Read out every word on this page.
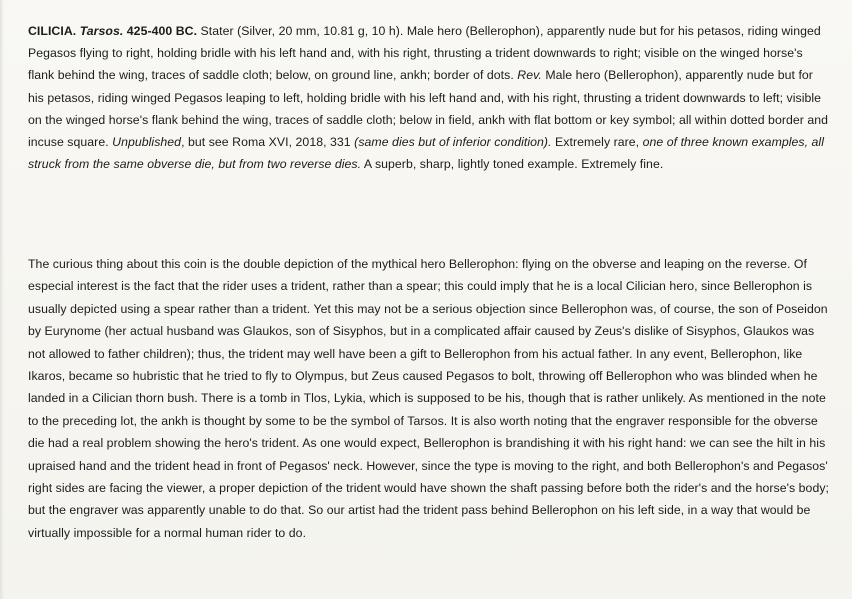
CILICIA. Tarsos. 425-400 BC. Stater (Silver, 20 mm, 10.81 g, 10 h). Male hero (Bellerophon), apparently nude but for his petasos, riding winged Pegasos flying to right, holding bridle with his left hand and, with his right, thrusting a trident downwards to right; visible on the winged horse's flank behind the wing, traces of saddle cloth; below, on ground line, ankh; border of dots. Rev. Male hero (Bellerophon), apparently nude but for his petasos, riding winged Pegasos leaping to left, holding bridle with his left hand and, with his right, thrusting a trident downwards to left; visible on the winged horse's flank behind the wing, traces of saddle cloth; below in field, ankh with flat bottom or key symbol; all within dotted border and incuse square. Unpublished, but see Roma XVI, 2018, 331 (same dies but of inferior condition). Extremely rare, one of three known examples, all struck from the same obverse die, but from two reverse dies. A superb, sharp, lightly toned example. Extremely fine.

The curious thing about this coin is the double depiction of the mythical hero Bellerophon: flying on the obverse and leaping on the reverse. Of especial interest is the fact that the rider uses a trident, rather than a spear; this could imply that he is a local Cilician hero, since Bellerophon is usually depicted using a spear rather than a trident. Yet this may not be a serious objection since Bellerophon was, of course, the son of Poseidon by Eurynome (her actual husband was Glaukos, son of Sisyphos, but in a complicated affair caused by Zeus's dislike of Sisyphos, Glaukos was not allowed to father children); thus, the trident may well have been a gift to Bellerophon from his actual father. In any event, Bellerophon, like Ikaros, became so hubristic that he tried to fly to Olympus, but Zeus caused Pegasos to bolt, throwing off Bellerophon who was blinded when he landed in a Cilician thorn bush. There is a tomb in Tlos, Lykia, which is supposed to be his, though that is rather unlikely. As mentioned in the note to the preceding lot, the ankh is thought by some to be the symbol of Tarsos. It is also worth noting that the engraver responsible for the obverse die had a real problem showing the hero's trident. As one would expect, Bellerophon is brandishing it with his right hand: we can see the hilt in his upraised hand and the trident head in front of Pegasos' neck. However, since the type is moving to the right, and both Bellerophon's and Pegasos' right sides are facing the viewer, a proper depiction of the trident would have shown the shaft passing before both the rider's and the horse's body; but the engraver was apparently unable to do that. So our artist had the trident pass behind Bellerophon on his left side, in a way that would be virtually impossible for a normal human rider to do.
